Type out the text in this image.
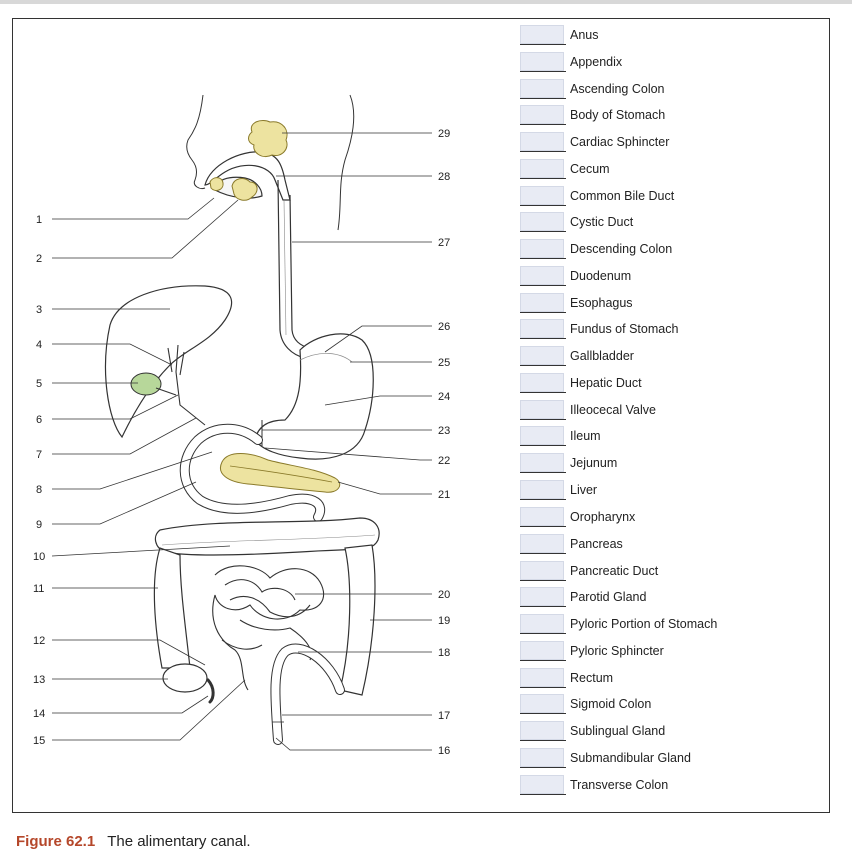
1
2
3
4
5
6
7
8
9
10
11
12
13
14
15
29
28
27
26
25
24
23
22
21
20
19
18
17
16
Anus
Appendix
Ascending Colon
Body of Stomach
Cardiac Sphincter
Cecum
Common Bile Duct
Cystic Duct
Descending Colon
Duodenum
Esophagus
Fundus of Stomach
Gallbladder
Hepatic Duct
Illeocecal Valve
Ileum
Jejunum
Liver
Oropharynx
Pancreas
Pancreatic Duct
Parotid Gland
Pyloric Portion of Stomach
Pyloric Sphincter
Rectum
Sigmoid Colon
Sublingual Gland
Submandibular Gland
Transverse Colon
Figure 62.1 The alimentary canal.
